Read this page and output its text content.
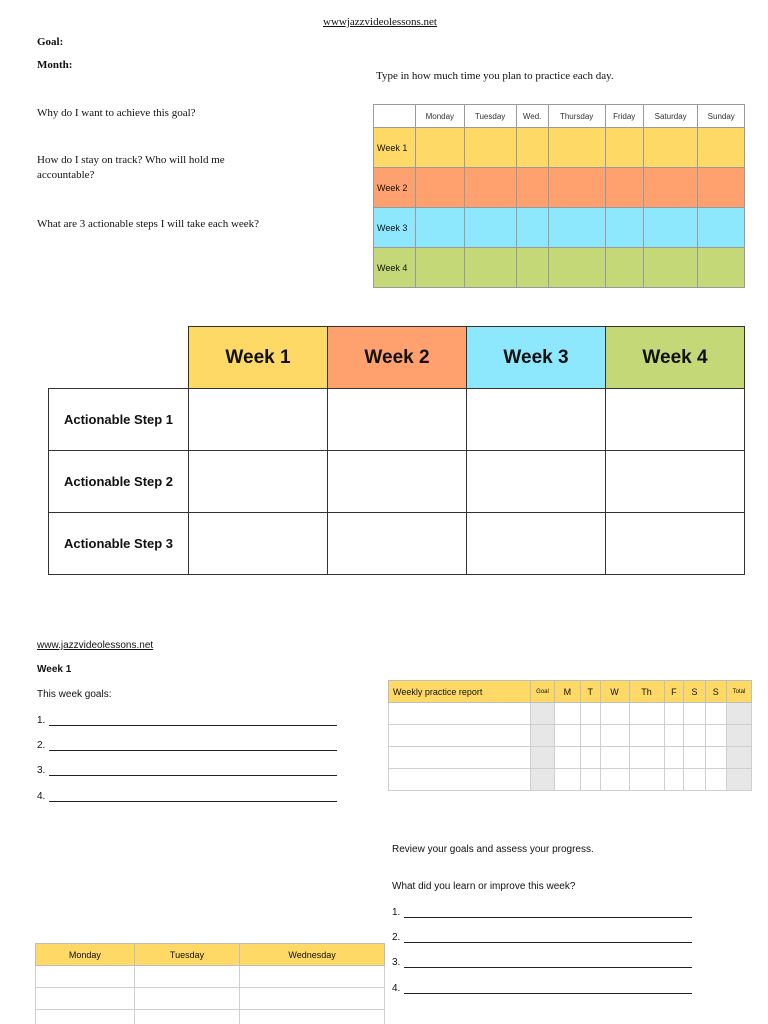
wwwjazzvideolessons.net
Goal:
Month:
Type in how much time you plan to practice each day.
Why do I want to achieve this goal?
How do I stay on track? Who will hold me
accountable?
What are 3 actionable steps I will take each week?
	Monday	Tuesday	Wed.	Thursday	Friday	Saturday	Sunday
Week 1							
Week 2							
Week 3							
Week 4							
	Week 1	Week 2	Week 3	Week 4
Actionable Step 1				
Actionable Step 2				
Actionable Step 3				
www.jazzvideolessons.net
Week 1
This week goals:
1.
2.
3.
4.
Weekly practice report	Goal	M	T	W	Th	F	S	S	Total

Review your goals and assess your progress.
What did you learn or improve this week?
1.
2.
3.
4.
Monday	Tuesday	Wednesday
